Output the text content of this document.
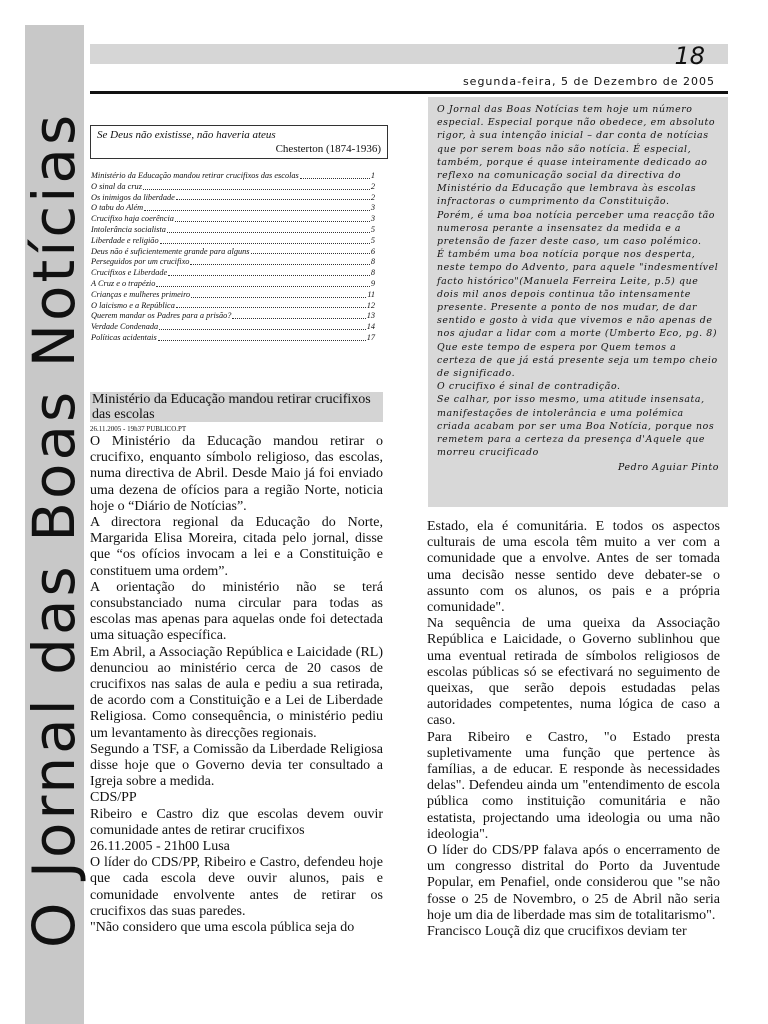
O Jornal das Boas Notícias
18
segunda-feira, 5 de Dezembro de 2005
Se Deus não existisse, não haveria ateus
Chesterton (1874-1936)
Ministério da Educação mandou retirar crucifixos das escolas	1
O sinal da cruz	2
Os inimigos da liberdade	2
O tabu do Além	3
Crucifixo haja coerência	3
Intolerância socialista	5
Liberdade e religião	5
Deus não é suficientemente grande para alguns	6
Perseguidos por um crucifixo	8
Crucifixos e Liberdade	8
A Cruz e o trapézio	9
Crianças e mulheres primeiro	11
O laicismo e a República	12
Querem mandar os Padres para a prisão?	13
Verdade Condenada	14
Políticas acidentais	17
Ministério da Educação mandou retirar crucifixos das escolas
26.11.2005 - 19h37 PUBLICO.PT

O Ministério da Educação mandou retirar o crucifixo, enquanto símbolo religioso, das escolas, numa directiva de Abril. Desde Maio já foi enviado uma dezena de ofícios para a região Norte, noticia hoje o “Diário de Notícias”.

A directora regional da Educação do Norte, Margarida Elisa Moreira, citada pelo jornal, disse que “os ofícios invocam a lei e a Constituição e constituem uma ordem”.

A orientação do ministério não se terá consubstanciado numa circular para todas as escolas mas apenas para aquelas onde foi detectada uma situação específica.

Em Abril, a Associação República e Laicidade (RL) denunciou ao ministério cerca de 20 casos de crucifixos nas salas de aula e pediu a sua retirada, de acordo com a Constituição e a Lei de Liberdade Religiosa. Como consequência, o ministério pediu um levantamento às direcções regionais.

Segundo a TSF, a Comissão da Liberdade Religiosa disse hoje que o Governo devia ter consultado a Igreja sobre a medida.

CDS/PP

Ribeiro e Castro diz que escolas devem ouvir comunidade antes de retirar crucifixos

26.11.2005 - 21h00 Lusa

O líder do CDS/PP, Ribeiro e Castro, defendeu hoje que cada escola deve ouvir alunos, pais e comunidade envolvente antes de retirar os crucifixos das suas paredes.

"Não considero que uma escola pública seja do

O Jornal das Boas Notícias tem hoje um número especial. Especial porque não obedece, em absoluto rigor, à sua intenção inicial – dar conta de notícias que por serem boas não são notícia. É especial, também, porque é quase inteiramente dedicado ao reflexo na comunicação social da directiva do Ministério da Educação que lembrava às escolas infractoras o cumprimento da Constituição.

Porém, é uma boa notícia perceber uma reacção tão numerosa perante a insensatez da medida e a pretensão de fazer deste caso, um caso polémico.

É também uma boa notícia porque nos desperta, neste tempo do Advento, para aquele "indesmentível facto histórico"(Manuela Ferreira Leite, p.5) que dois mil anos depois continua tão intensamente presente. Presente a ponto de nos mudar, de dar sentido e gosto à vida que vivemos e não apenas de nos ajudar a lidar com a morte (Umberto Eco, pg. 8) Que este tempo de espera por Quem temos a certeza de que já está presente seja um tempo cheio de significado.

O crucifixo é sinal de contradição.

Se calhar, por isso mesmo, uma atitude insensata, manifestações de intolerância e uma polémica criada acabam por ser uma Boa Notícia, porque nos remetem para a certeza da presença d'Aquele que morreu crucificado

Pedro Aguiar Pinto

Estado, ela é comunitária. E todos os aspectos culturais de uma escola têm muito a ver com a comunidade que a envolve. Antes de ser tomada uma decisão nesse sentido deve debater-se o assunto com os alunos, os pais e a própria comunidade".

Na sequência de uma queixa da Associação República e Laicidade, o Governo sublinhou que uma eventual retirada de símbolos religiosos de escolas públicas só se efectivará no seguimento de queixas, que serão depois estudadas pelas autoridades competentes, numa lógica de caso a caso.

Para Ribeiro e Castro, "o Estado presta supletivamente uma função que pertence às famílias, a de educar. E responde às necessidades delas". Defendeu ainda um "entendimento de escola pública como instituição comunitária e não estatista, projectando uma ideologia ou uma não ideologia".

O líder do CDS/PP falava após o encerramento de um congresso distrital do Porto da Juventude Popular, em Penafiel, onde considerou que "se não fosse o 25 de Novembro, o 25 de Abril não seria hoje um dia de liberdade mas sim de totalitarismo".

Francisco Louçã diz que crucifixos deviam ter
